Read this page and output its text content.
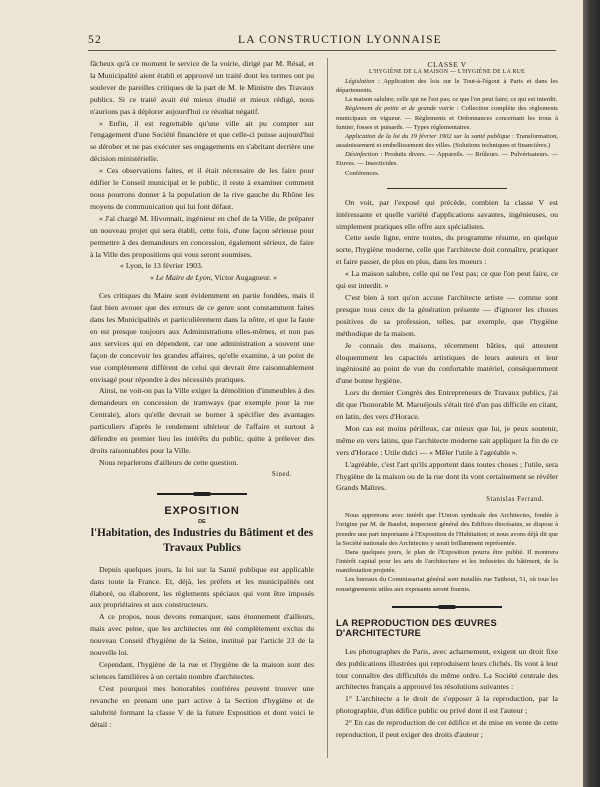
52	LA CONSTRUCTION LYONNAISE

fâcheux qu'à ce moment le service de la voirie, dirigé par M. Résal, et la Municipalité aient établi et approuvé un traité dont les termes ont pu soulever de pareilles critiques de la part de M. le Ministre des Travaux publics. Si ce traité avait été mieux étudié et mieux rédigé, nous n'aurions pas à déplorer aujourd'hui ce résultat négatif.

« Enfin, il est regrettable qu'une ville ait pu compter sur l'engagement d'une Société financière et que celle-ci puisse aujourd'hui se dérober et ne pas exécuter ses engagements en s'abritant derrière une décision ministérielle.

« Ces observations faites, et il était nécessaire de les faire pour édifier le Conseil municipal et le public, il reste à examiner comment nous pourrons donner à la population de la rive gauche du Rhône les moyens de communication qui lui font défaut.

« J'ai chargé M. Hivonnait, ingénieur en chef de la Ville, de préparer un nouveau projet qui sera établi, cette fois, d'une façon sérieuse pour permettre à des demandeurs en concession, également sérieux, de faire à la Ville des propositions qui vous seront soumises.

« Lyon, le 13 février 1903.

« Le Maire de Lyon, Victor Augagneur. »

Ces critiques du Maire sont évidemment en partie fondées, mais il faut bien avouer que des erreurs de ce genre sont constamment faites dans les Municipalités et particulièrement dans la nôtre, et que la faute en est presque toujours aux Administrations elles-mêmes, et non pas aux services qui en dépendent, car une administration a souvent une façon de concevoir les grandes affaires, qu'elle examine, à un point de vue complètement différent de celui qui devrait être raisonnablement envisagé pour répondre à des nécessités pratiques.

Ainsi, ne voit-on pas la Ville exiger la démolition d'immeubles à des demandeurs en concession de tramways (par exemple pour la rue Centrale), alors qu'elle devrait se borner à spécifier des avantages particuliers d'après le rendement ultérieur de l'affaire et surtout à défendre en premier lieu les intérêts du public, quitte à prélever des droits raisonnables pour la Ville.

Nous reparlerons d'ailleurs de cette question.

Sined.

EXPOSITION
DE
l'Habitation, des Industries du Bâtiment et des Travaux Publics

Depuis quelques jours, la loi sur la Santé publique est applicable dans toute la France. Et, déjà, les préfets et les municipalités ont élaboré, ou élaborent, les règlements spéciaux qui vont être imposés aux propriétaires et aux constructeurs.

A ce propos, nous devons remarquer, sans étonnement d'ailleurs, mais avec peine, que les architectes ont été complètement exclus du nouveau Conseil d'hygiène de la Seine, institué par l'article 23 de la nouvelle loi.

Cependant, l'hygiène de la rue et l'hygiène de la maison sont des sciences familières à un certain nombre d'architectes.

C'est pourquoi mes honorables confrères peuvent trouver une revanche en prenant une part active à la Section d'hygiène et de salubrité formant la classe V de la future Exposition et dont voici le détail :

CLASSE V
L'HYGIÈNE DE LA MAISON — L'HYGIÈNE DE LA RUE

Législation : Application des lois sur le Tout-à-l'égout à Paris et dans les départements.

La maison salubre; celle qui ne l'est pas; ce que l'on peut faire; ce qui est interdit.

Règlement de petite et de grande voirie : Collection complète des règlements municipaux en vigueur. — Règlements et Ordonnances concernant les trous à fumier, fosses et puisards. — Types réglementaires.

Application de la loi du 19 février 1902 sur la santé publique : Transformation, assainissement et embellissement des villes. (Solutions techniques et financières.)

Désinfection : Produits divers. — Appareils. — Brûleurs. — Pulvérisateurs. — Etuves. — Insecticides.

Conférences.

On voit, par l'exposé qui précède, combien la classe V est intéressante et quelle variété d'applications savantes, ingénieuses, ou simplement pratiques elle offre aux spécialistes.

Cette seule ligne, entre toutes, du programme résume, en quelque sorte, l'hygiène moderne, celle que l'architecte doit connaître, pratiquer et faire passer, de plus en plus, dans les moeurs :

« La maison salubre, celle qui ne l'est pas; ce que l'on peut faire, ce qui est interdit. »

C'est bien à tort qu'on accuse l'architecte artiste — comme sont presque tous ceux de la génération présente — d'ignorer les choses positives de sa profession, telles, par exemple, que l'hygiène méthodique de la maison.

Je connais des maisons, récemment bâties, qui attestent éloquemment les capacités artistiques de leurs auteurs et leur ingéniosité au point de vue du confortable matériel, conséquemment d'une bonne hygiène.

Lors du dernier Congrès des Entrepreneurs de Travaux publics, j'ai dit que l'honorable M. Maruéjouls s'était tiré d'un pas difficile en citant, en latin, des vers d'Horace.

Mon cas est moins périlleux, car mieux que lui, je peux soutenir, même en vers latins, que l'architecte moderne sait appliquer la fin de ce vers d'Horace : Utile dulci — « Mêler l'utile à l'agréable ».

L'agréable, c'est l'art qu'ils apportent dans toutes choses ; l'utile, sera l'hygiène de la maison ou de la rue dont ils vont certainement se révéler Grands Maîtres.

Stanislas Ferrand.

Nous apprenons avec intérêt que l'Union syndicale des Architectes, fondée à l'origine par M. de Baudot, inspecteur général des Edifices diocésains, se dispose à prendre une part importante à l'Exposition de l'Habitation; et nous avons déjà dit que la Société nationale des Architectes y serait brillamment représentée.

Dans quelques jours, le plan de l'Exposition pourra être publié. Il montrera l'intérêt capital pour les arts de l'architecture et les industries du bâtiment, de la manifestation projetée.

Les bureaux du Commissariat général sont installés rue Taitbout, 51, où tous les renseignements utiles aux exposants seront fournis.

LA REPRODUCTION DES ŒUVRES D'ARCHITECTURE

Les photographes de Paris, avec acharnement, exigent un droit fixe des publications illustrées qui reproduisent leurs clichés. Ils vont à leur tour connaître des difficultés du même ordre. La Société centrale des architectes français a approuvé les résolutions suivantes :

1° L'architecte a le droit de s'opposer à la reproduction, par la photographie, d'un édifice public ou privé dont il est l'auteur ;

2° En cas de reproduction de cet édifice et de mise en vente de cette reproduction, il peut exiger des droits d'auteur ;
